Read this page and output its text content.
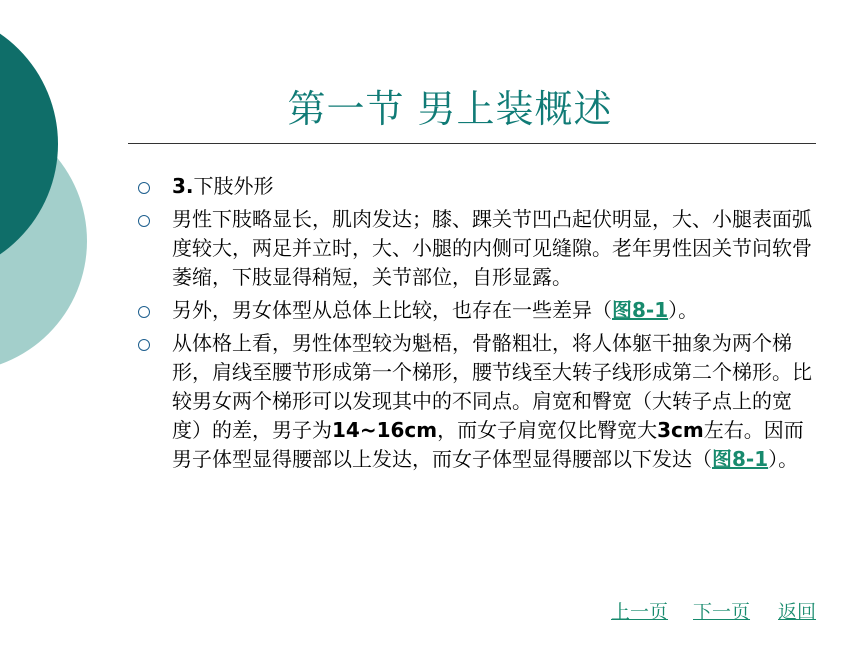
第一节 男上装概述
3.下肢外形
男性下肢略显长，肌肉发达；膝、踝关节凹凸起伏明显，大、小腿表面弧度较大，两足并立时，大、小腿的内侧可见缝隙。老年男性因关节问软骨萎缩，下肢显得稍短，关节部位，自形显露。
另外，男女体型从总体上比较，也存在一些差异（图8-1）。
从体格上看，男性体型较为魁梧，骨骼粗壮，将人体躯干抽象为两个梯形，肩线至腰节形成第一个梯形，腰节线至大转子线形成第二个梯形。比较男女两个梯形可以发现其中的不同点。肩宽和臀宽（大转子点上的宽度）的差，男子为14~16cm，而女子肩宽仅比臀宽大3cm左右。因而男子体型显得腰部以上发达，而女子体型显得腰部以下发达（图8-1）。
上一页 下一页 返回
